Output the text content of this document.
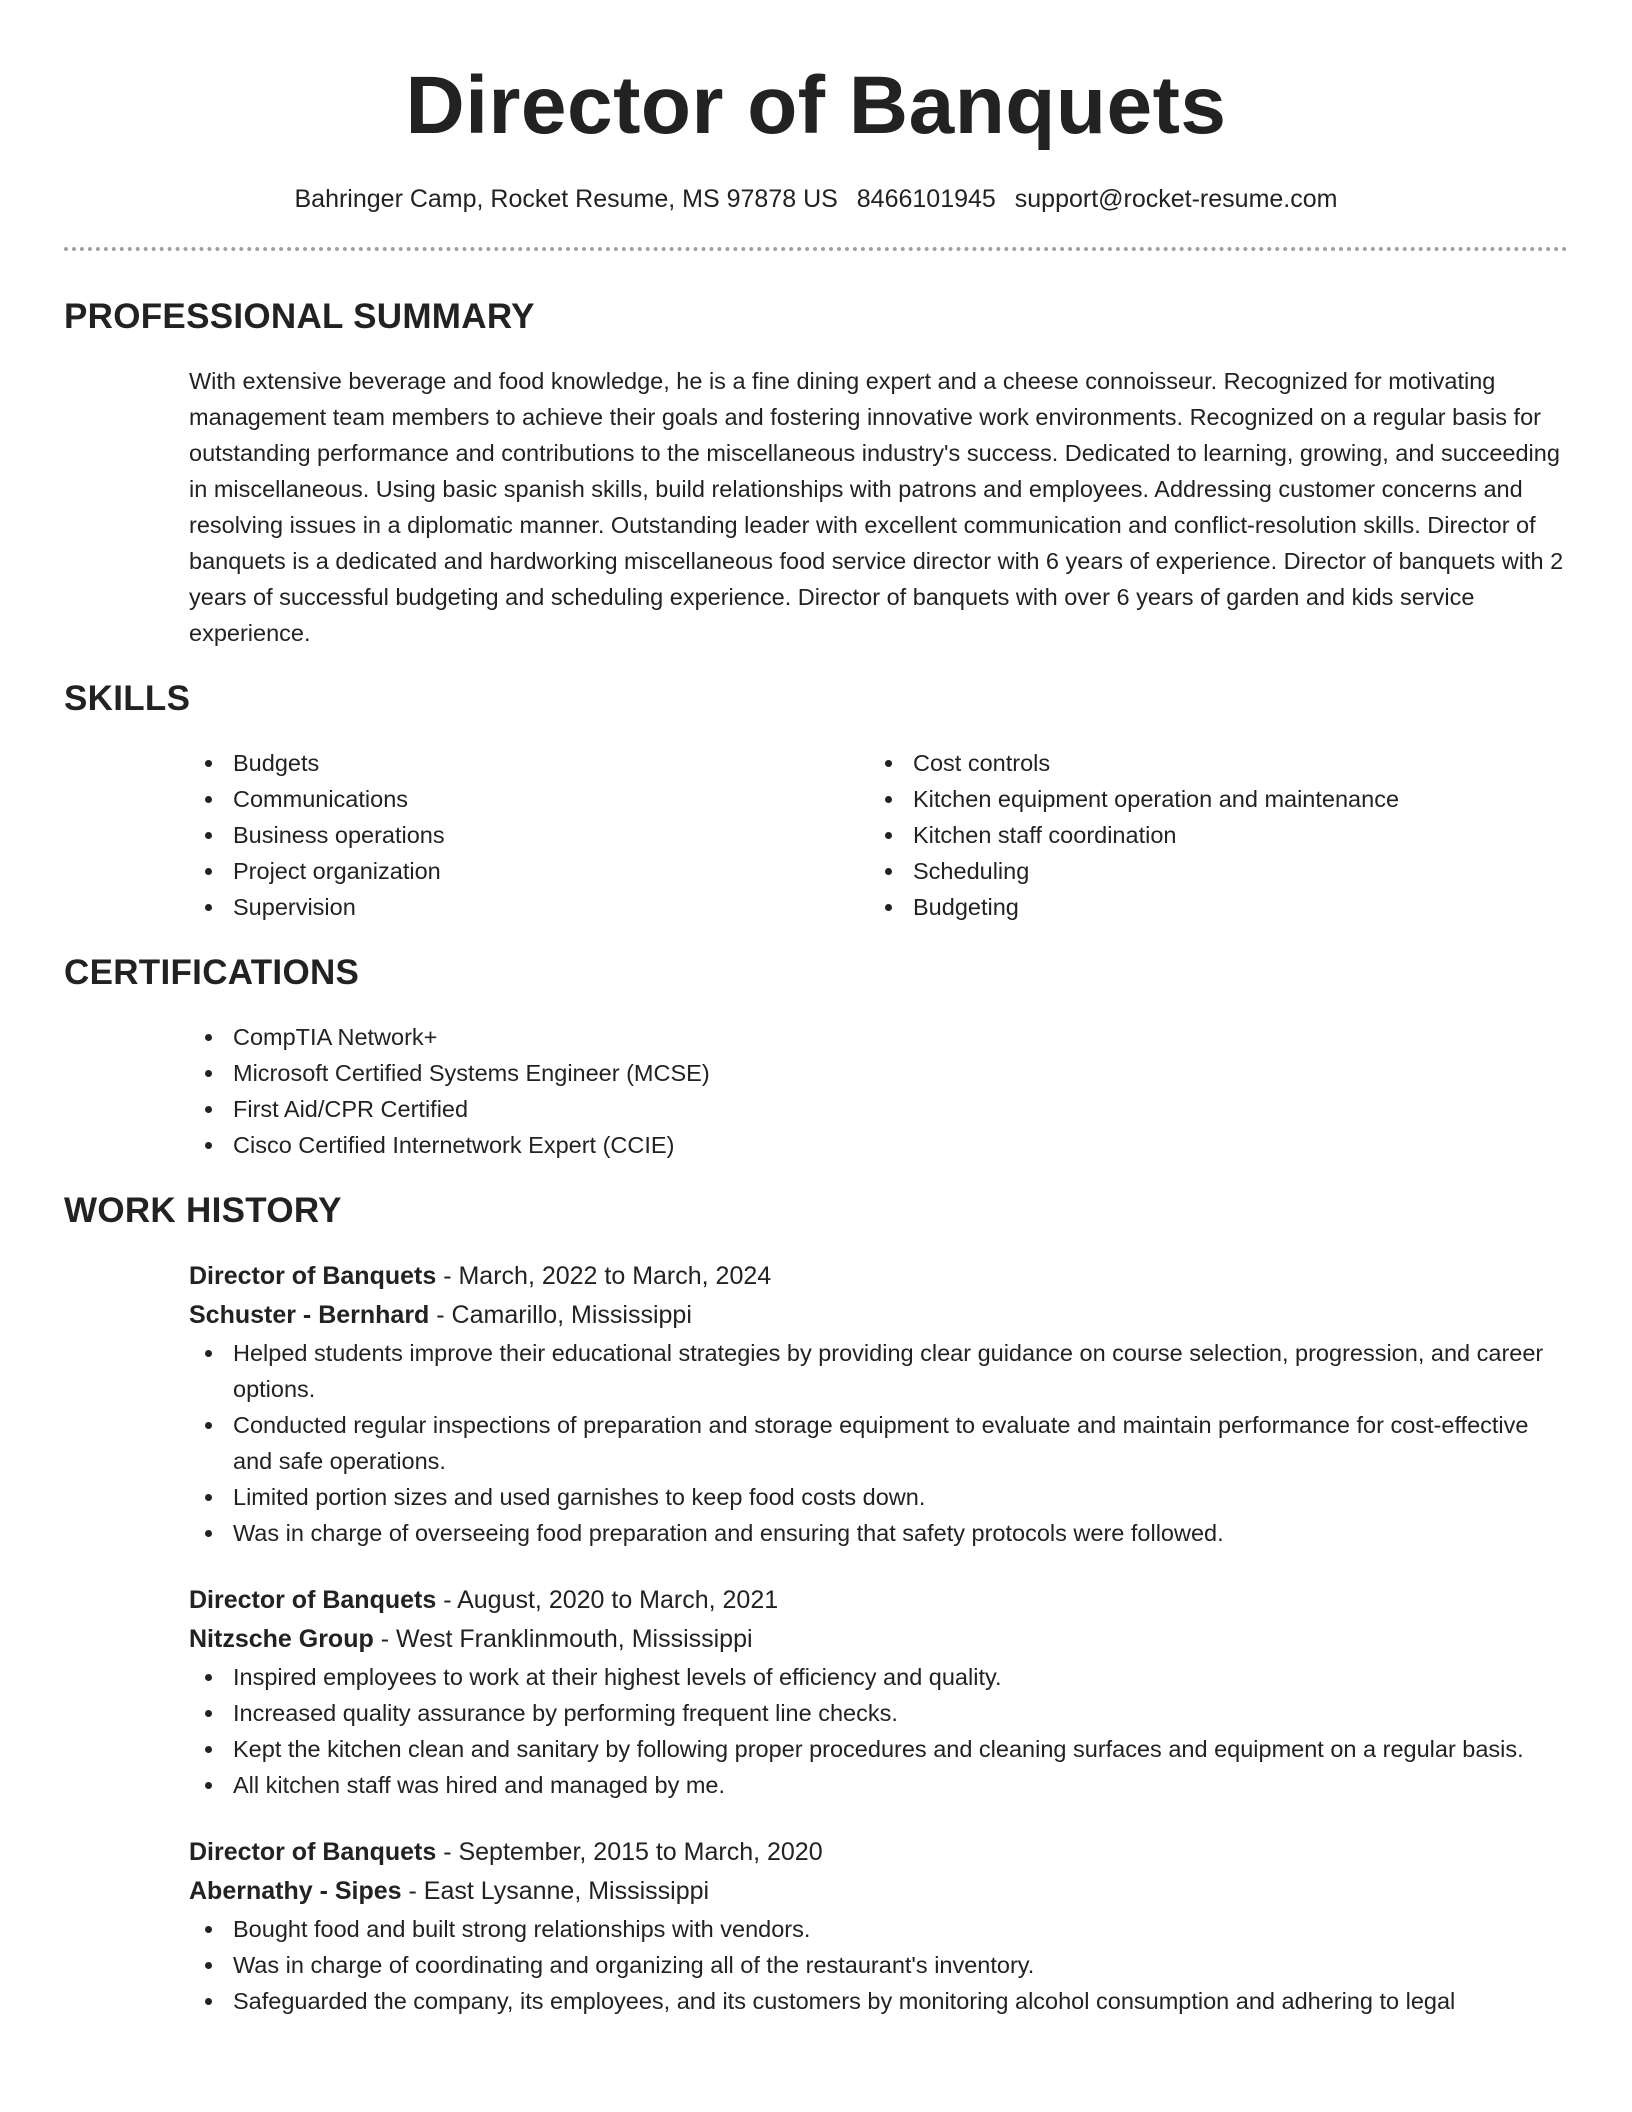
Director of Banquets
Bahringer Camp, Rocket Resume, MS 97878 US 8466101945 support@rocket-resume.com
PROFESSIONAL SUMMARY
With extensive beverage and food knowledge, he is a fine dining expert and a cheese connoisseur. Recognized for motivating management team members to achieve their goals and fostering innovative work environments. Recognized on a regular basis for outstanding performance and contributions to the miscellaneous industry's success. Dedicated to learning, growing, and succeeding in miscellaneous. Using basic spanish skills, build relationships with patrons and employees. Addressing customer concerns and resolving issues in a diplomatic manner. Outstanding leader with excellent communication and conflict-resolution skills. Director of banquets is a dedicated and hardworking miscellaneous food service director with 6 years of experience. Director of banquets with 2 years of successful budgeting and scheduling experience. Director of banquets with over 6 years of garden and kids service experience.
SKILLS
Budgets
Communications
Business operations
Project organization
Supervision
Cost controls
Kitchen equipment operation and maintenance
Kitchen staff coordination
Scheduling
Budgeting
CERTIFICATIONS
CompTIA Network+
Microsoft Certified Systems Engineer (MCSE)
First Aid/CPR Certified
Cisco Certified Internetwork Expert (CCIE)
WORK HISTORY
Director of Banquets - March, 2022 to March, 2024
Schuster - Bernhard - Camarillo, Mississippi
Helped students improve their educational strategies by providing clear guidance on course selection, progression, and career options.
Conducted regular inspections of preparation and storage equipment to evaluate and maintain performance for cost-effective and safe operations.
Limited portion sizes and used garnishes to keep food costs down.
Was in charge of overseeing food preparation and ensuring that safety protocols were followed.
Director of Banquets - August, 2020 to March, 2021
Nitzsche Group - West Franklinmouth, Mississippi
Inspired employees to work at their highest levels of efficiency and quality.
Increased quality assurance by performing frequent line checks.
Kept the kitchen clean and sanitary by following proper procedures and cleaning surfaces and equipment on a regular basis.
All kitchen staff was hired and managed by me.
Director of Banquets - September, 2015 to March, 2020
Abernathy - Sipes - East Lysanne, Mississippi
Bought food and built strong relationships with vendors.
Was in charge of coordinating and organizing all of the restaurant's inventory.
Safeguarded the company, its employees, and its customers by monitoring alcohol consumption and adhering to legal
